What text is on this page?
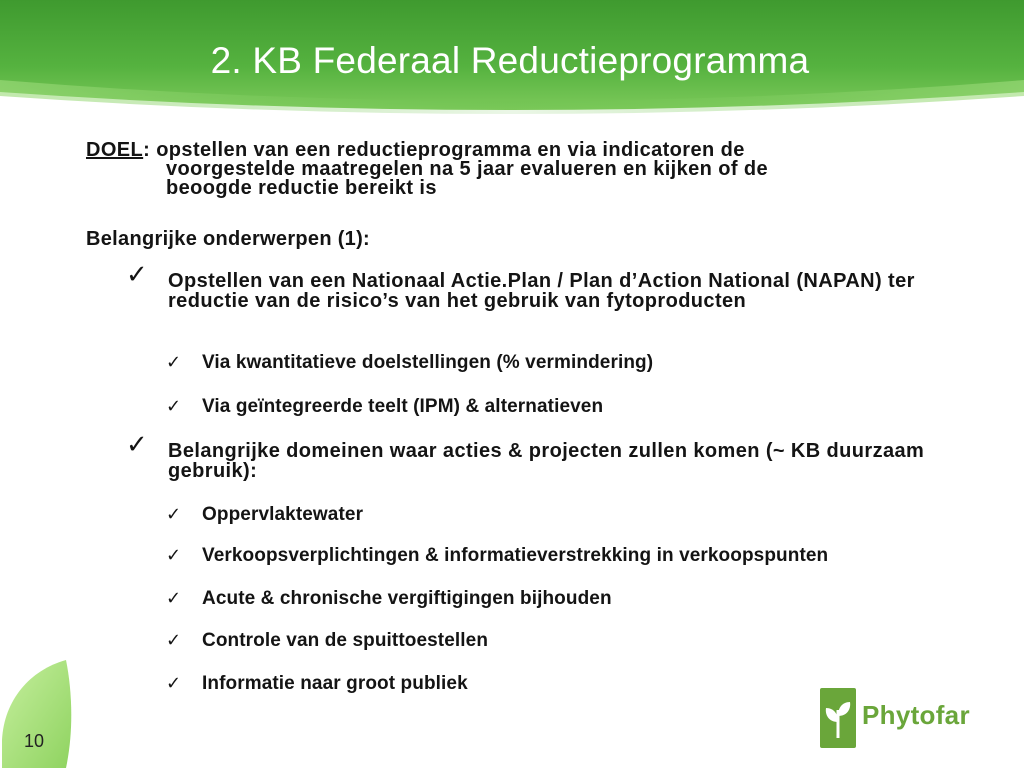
2. KB Federaal Reductieprogramma
DOEL: opstellen van een reductieprogramma en via indicatoren de
voorgestelde maatregelen na 5 jaar evalueren en kijken of de
beoogde reductie bereikt is
Belangrijke onderwerpen (1):
✓ Opstellen van een Nationaal Actie.Plan / Plan d’Action National (NAPAN) ter reductie van de risico’s van het gebruik van fytoproducten
✓ Via kwantitatieve doelstellingen (% vermindering)
✓ Via geïntegreerde teelt (IPM) & alternatieven
✓ Belangrijke domeinen waar acties & projecten zullen komen (~ KB duurzaam gebruik):
✓ Oppervlaktewater
✓ Verkoopsverplichtingen & informatieverstrekking in verkoopspunten
✓ Acute & chronische vergiftigingen bijhouden
✓ Controle van de spuittoestellen
✓ Informatie naar groot publiek
10
Phytofar
